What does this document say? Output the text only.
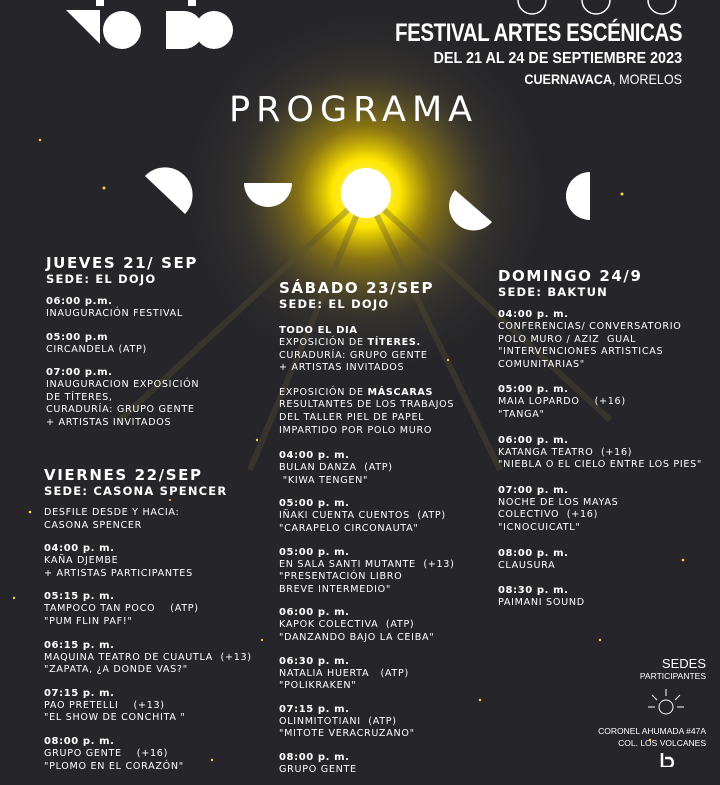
FESTIVAL ARTES ESCÉNICAS
DEL 21 AL 24 DE SEPTIEMBRE 2023
CUERNAVACA, MORELOS
PROGRAMA
JUEVES 21/ SEP
SEDE: EL DOJO
06:00 p.m.
INAUGURACIÓN FESTIVAL
05:00 p.m
CIRCANDELA (ATP)
07:00 p.m.
INAUGURACION EXPOSICIÓN
DE TÍTERES,
CURADURÍA: GRUPO GENTE
+ ARTISTAS INVITADOS
VIERNES 22/SEP
SEDE: CASONA SPENCER
DESFILE DESDE Y HACIA:
CASONA SPENCER
04:00 p. m.
KAÑA DJEMBE
+ ARTISTAS PARTICIPANTES
05:15 p. m.
TAMPOCO TAN POCO    (ATP)
"PUM FLIN PAF!"
06:15 p. m.
MAQUINA TEATRO DE CUAUTLA  (+13)
"ZAPATA, ¿A DONDE VAS?"
07:15 p. m.
PAO PRETELLI    (+13)
"EL SHOW DE CONCHITA "
08:00 p. m.
GRUPO GENTE    (+16)
"PLOMO EN EL CORAZÓN"
SÁBADO 23/SEP
SEDE: EL DOJO
TODO EL DIA
EXPOSICIÓN DE TÍTERES.
CURADURÍA: GRUPO GENTE
+ ARTISTAS INVITADOS
EXPOSICIÓN DE MÁSCARAS
RESULTANTES DE LOS TRABAJOS
DEL TALLER PIEL DE PAPEL
IMPARTIDO POR POLO MURO
04:00 p. m.
BULAN DANZA  (ATP)
"KIWA TENGEN"
05:00 p. m.
IÑAKI CUENTA CUENTOS  (ATP)
"CARAPELO CIRCONAUTA"
05:00 p. m.
EN SALA SANTI MUTANTE  (+13)
"PRESENTACIÓN LIBRO
BREVE INTERMEDIO"
06:00 p. m.
KAPOK COLECTIVA  (ATP)
"DANZANDO BAJO LA CEIBA"
06:30 p. m.
NATALIA HUERTA   (ATP)
"POLIKRAKEN"
07:15 p. m.
OLINMITOTIANI  (ATP)
"MITOTE VERACRUZANO"
08:00 p. m.
GRUPO GENTE
DOMINGO 24/9
SEDE: BAKTUN
04:00 p. m.
CONFERENCIAS/ CONVERSATORIO
POLO MURO / AZIZ  GUAL
"INTERVENCIONES ARTISTICAS
COMUNITARIAS"
05:00 p. m.
MAIA LOPARDO    (+16)
"TANGA"
06:00 p. m.
KATANGA TEATRO  (+16)
"NIEBLA O EL CIELO ENTRE LOS PIES"
07:00 p. m.
NOCHE DE LOS MAYAS
COLECTIVO  (+16)
"ICNOCUICATL"
08:00 p. m.
CLAUSURA
08:30 p. m.
PAIMANI SOUND
SEDES
PARTICIPANTES
CORONEL AHUMADA #47A
COL. LOS VOLCANES
